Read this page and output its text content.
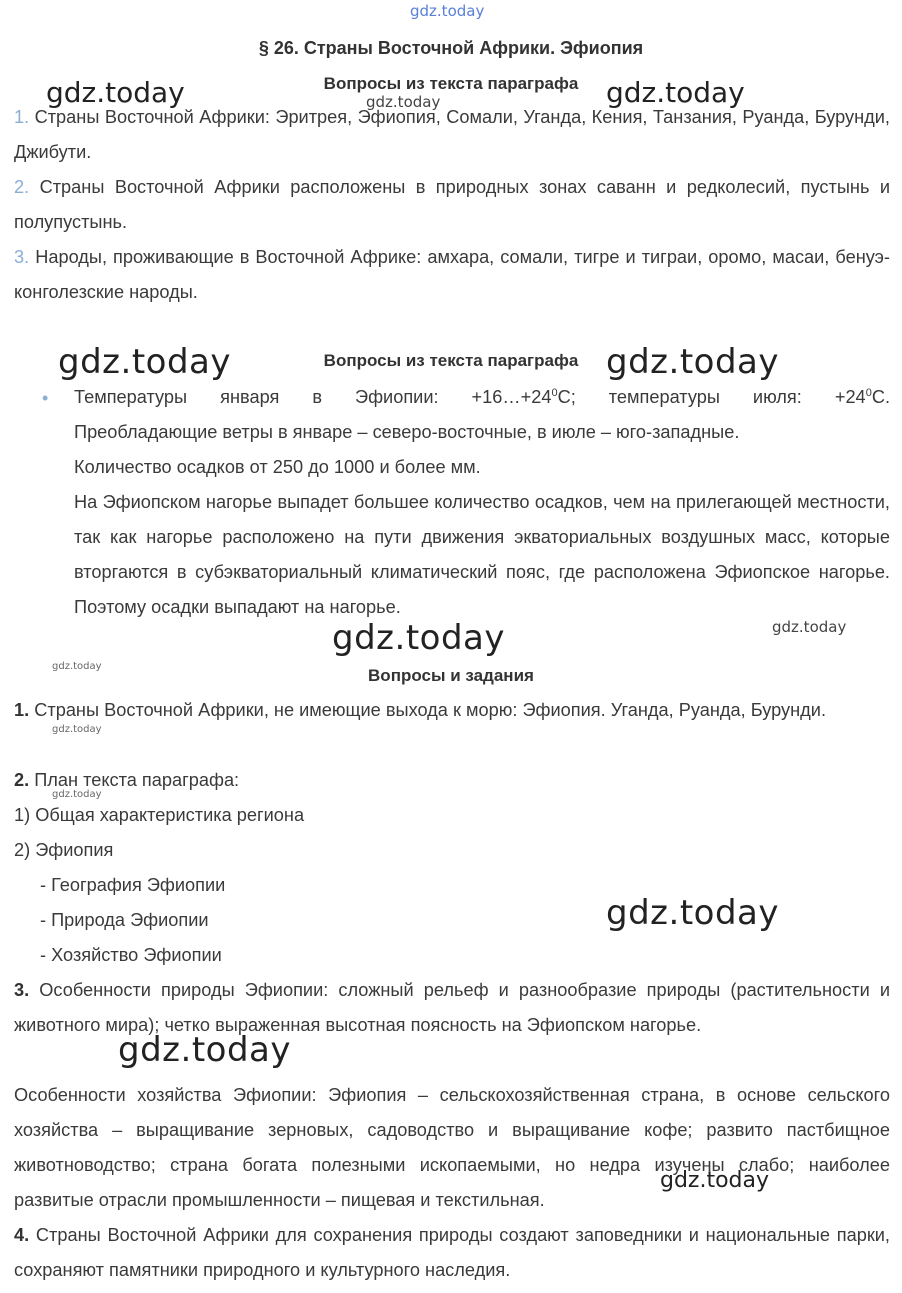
gdz.today
§ 26. Страны Восточной Африки. Эфиопия
Вопросы из текста параграфа
1. Страны Восточной Африки: Эритрея, Эфиопия, Сомали, Уганда, Кения, Танзания, Руанда, Бурунди, Джибути.
2. Страны Восточной Африки расположены в природных зонах саванн и редколесий, пустынь и полупустынь.
3. Народы, проживающие в Восточной Африке: амхара, сомали, тигре и тиграи, оромо, масаи, бенуэ-конголезские народы.
Вопросы из текста параграфа
• Температуры января в Эфиопии: $+16\dots+24^0С$; температуры июля: $+24^0С$.
Преобладающие ветры в январе – северо-восточные, в июле – юго-западные.
Количество осадков от 250 до 1000 и более мм.
На Эфиопском нагорье выпадет большее количество осадков, чем на прилегающей местности, так как нагорье расположено на пути движения экваториальных воздушных масс, которые вторгаются в субэкваториальный климатический пояс, где расположена Эфиопское нагорье. Поэтому осадки выпадают на нагорье.
Вопросы и задания
1. Страны Восточной Африки, не имеющие выхода к морю: Эфиопия. Уганда, Руанда, Бурунди.
2. План текста параграфа:
1) Общая характеристика региона
2) Эфиопия
- География Эфиопии
- Природа Эфиопии
- Хозяйство Эфиопии
3. Особенности природы Эфиопии: сложный рельеф и разнообразие природы (растительности и животного мира); четко выраженная высотная поясность на Эфиопском нагорье.
Особенности хозяйства Эфиопии: Эфиопия – сельскохозяйственная страна, в основе сельского хозяйства – выращивание зерновых, садоводство и выращивание кофе; развито пастбищное животноводство; страна богата полезными ископаемыми, но недра изучены слабо; наиболее развитые отрасли промышленности – пищевая и текстильная.
4. Страны Восточной Африки для сохранения природы создают заповедники и национальные парки, сохраняют памятники природного и культурного наследия.
gdz.today	gdz.today
gdz.today
gdz.today	gdz.today
gdz.today	gdz.today
gdz.today
gdz.today
gdz.today
gdz.today
gdz.today
gdz.today
